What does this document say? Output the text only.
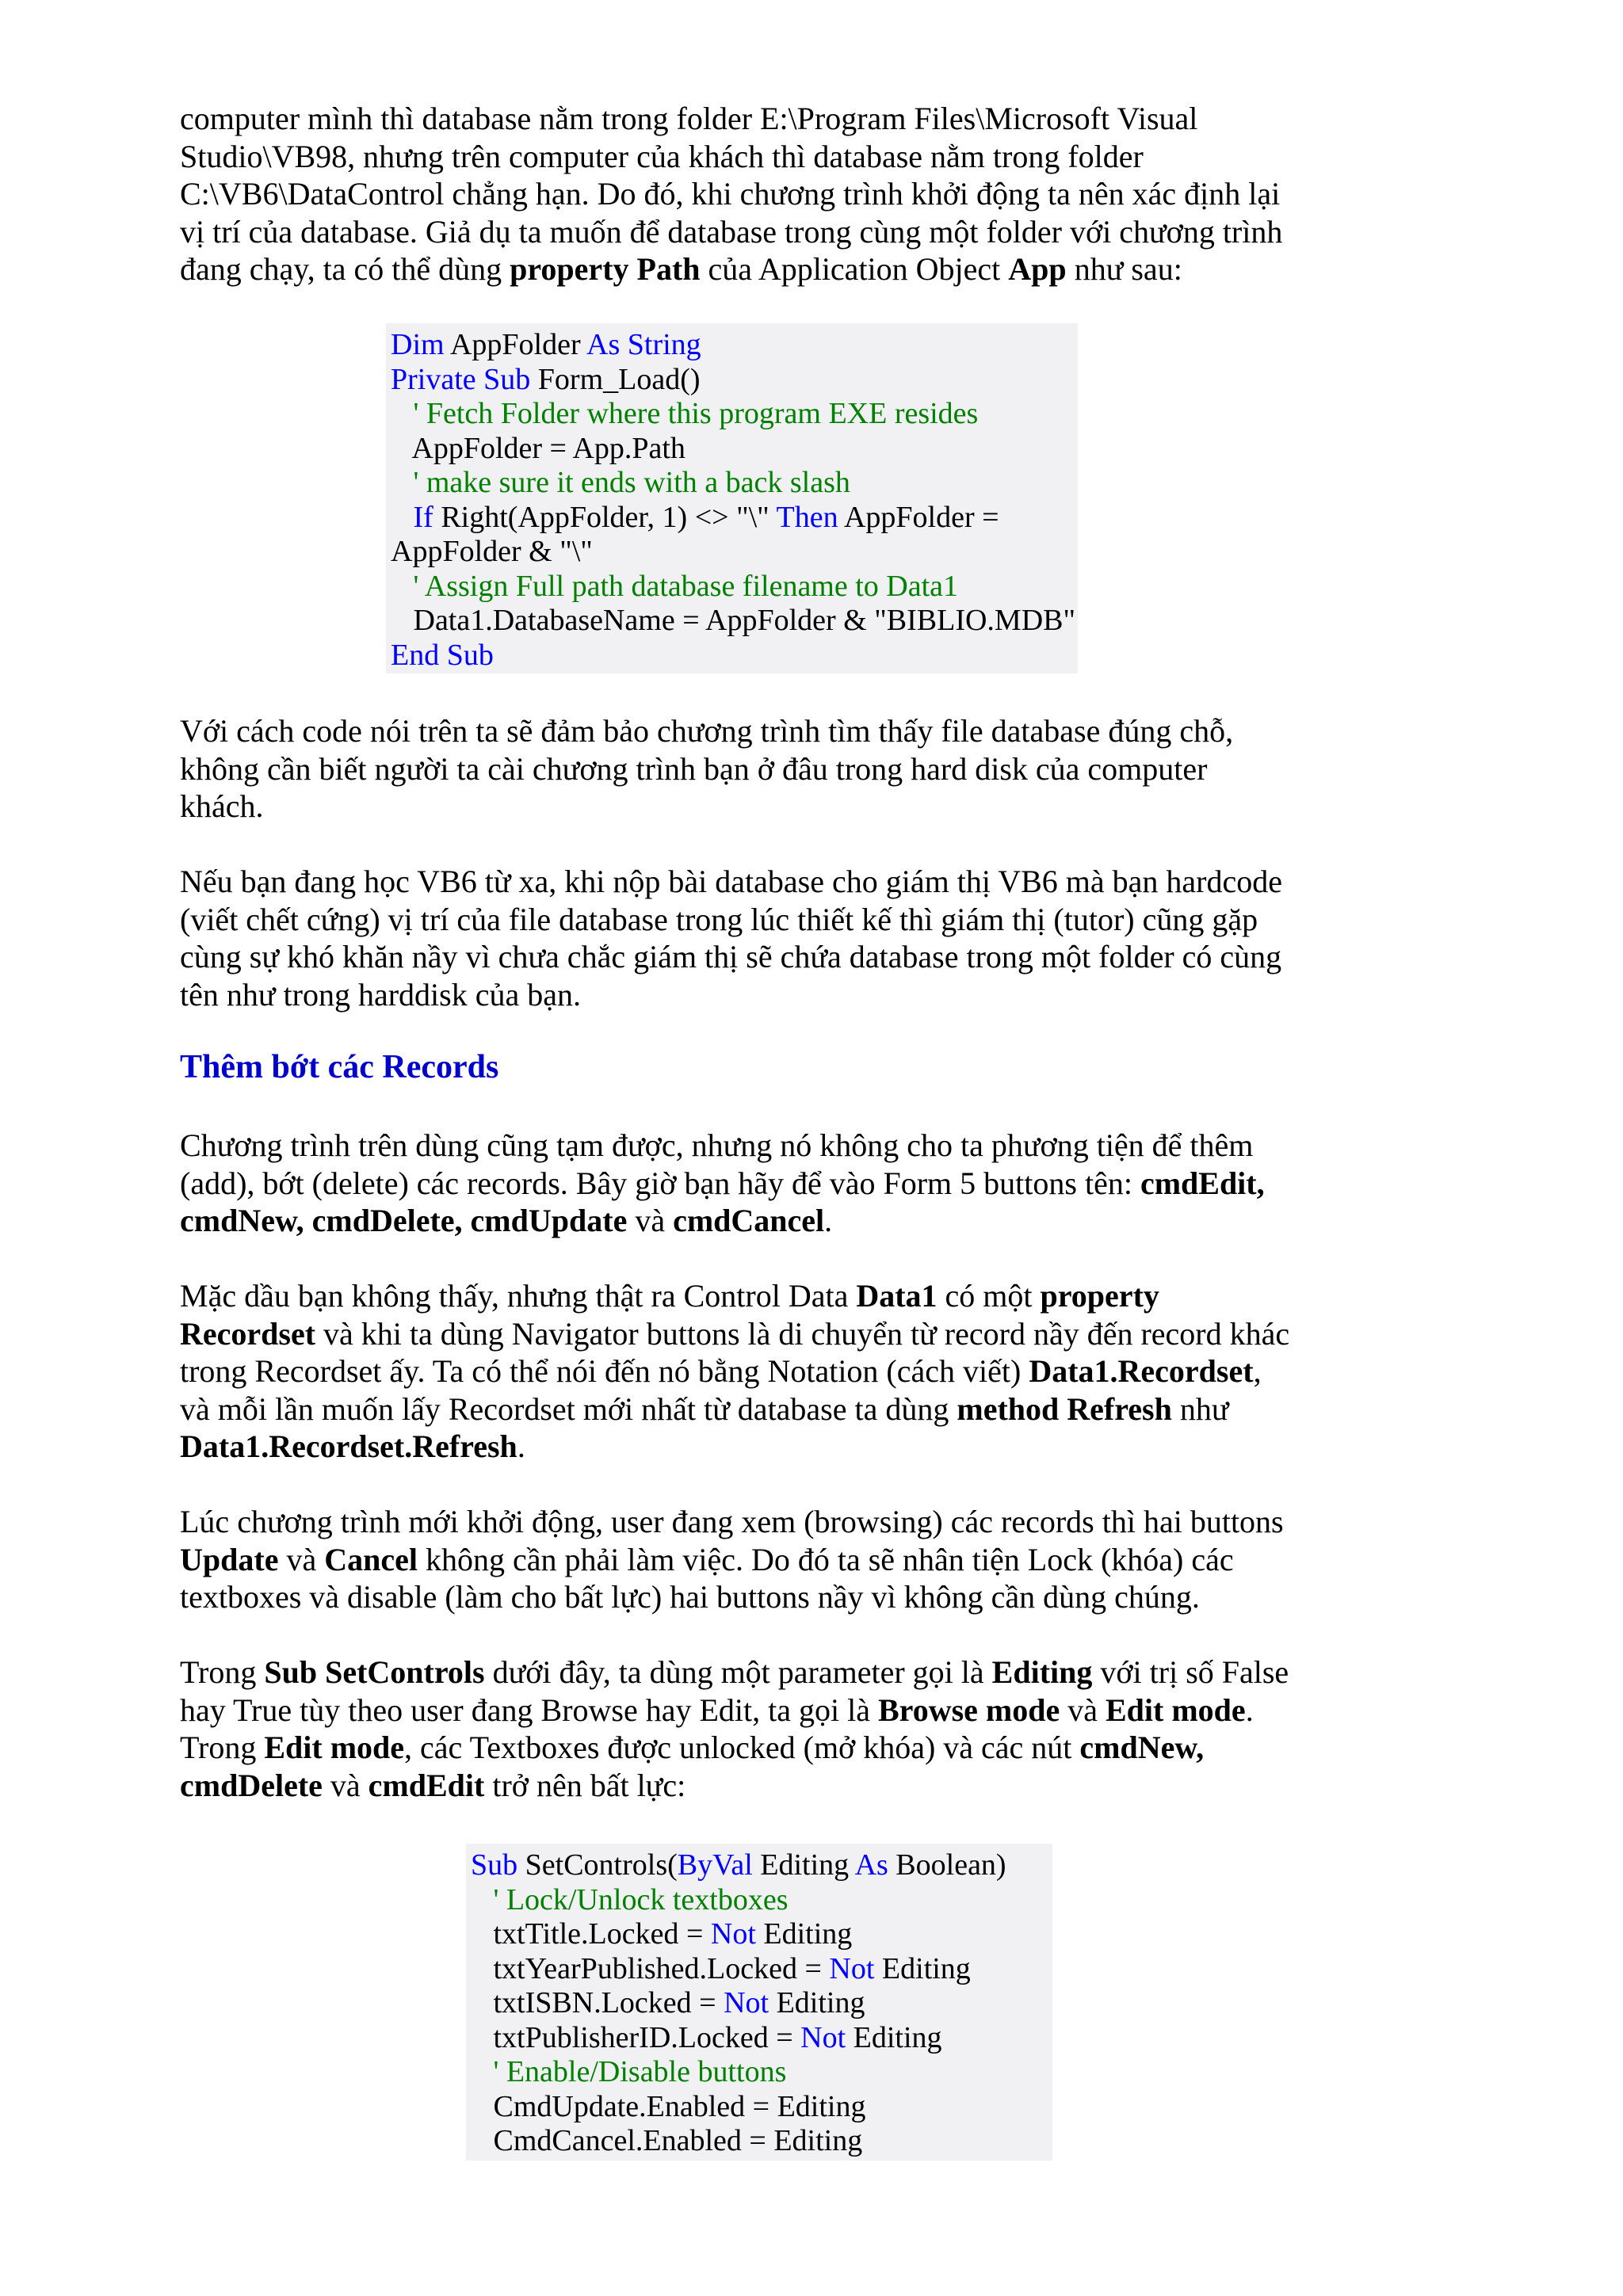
computer mình thì database nằm trong folder E:\Program Files\Microsoft Visual
Studio\VB98, nhưng trên computer của khách thì database nằm trong folder
C:\VB6\DataControl chẳng hạn. Do đó, khi chương trình khởi động ta nên xác định lại
vị trí của database. Giả dụ ta muốn để database trong cùng một folder với chương trình
đang chạy, ta có thể dùng property Path của Application Object App như sau:

Dim AppFolder As String
Private Sub Form_Load()
' Fetch Folder where this program EXE resides
AppFolder = App.Path
' make sure it ends with a back slash
If Right(AppFolder, 1) <> "\" Then AppFolder =
AppFolder & "\"
' Assign Full path database filename to Data1
Data1.DatabaseName = AppFolder & "BIBLIO.MDB"
End Sub

Với cách code nói trên ta sẽ đảm bảo chương trình tìm thấy file database đúng chỗ,
không cần biết người ta cài chương trình bạn ở đâu trong hard disk của computer
khách.

Nếu bạn đang học VB6 từ xa, khi nộp bài database cho giám thị VB6 mà bạn hardcode
(viết chết cứng) vị trí của file database trong lúc thiết kế thì giám thị (tutor) cũng gặp
cùng sự khó khăn nầy vì chưa chắc giám thị sẽ chứa database trong một folder có cùng
tên như trong harddisk của bạn.

Thêm bớt các Records

Chương trình trên dùng cũng tạm được, nhưng nó không cho ta phương tiện để thêm
(add), bớt (delete) các records. Bây giờ bạn hãy để vào Form 5 buttons tên: cmdEdit,
cmdNew, cmdDelete, cmdUpdate và cmdCancel.

Mặc dầu bạn không thấy, nhưng thật ra Control Data Data1 có một property
Recordset và khi ta dùng Navigator buttons là di chuyển từ record nầy đến record khác
trong Recordset ấy. Ta có thể nói đến nó bằng Notation (cách viết) Data1.Recordset,
và mỗi lần muốn lấy Recordset mới nhất từ database ta dùng method Refresh như
Data1.Recordset.Refresh.

Lúc chương trình mới khởi động, user đang xem (browsing) các records thì hai buttons
Update và Cancel không cần phải làm việc. Do đó ta sẽ nhân tiện Lock (khóa) các
textboxes và disable (làm cho bất lực) hai buttons nầy vì không cần dùng chúng.

Trong Sub SetControls dưới đây, ta dùng một parameter gọi là Editing với trị số False
hay True tùy theo user đang Browse hay Edit, ta gọi là Browse mode và Edit mode.
Trong Edit mode, các Textboxes được unlocked (mở khóa) và các nút cmdNew,
cmdDelete và cmdEdit trở nên bất lực:

Sub SetControls(ByVal Editing As Boolean)
' Lock/Unlock textboxes
txtTitle.Locked = Not Editing
txtYearPublished.Locked = Not Editing
txtISBN.Locked = Not Editing
txtPublisherID.Locked = Not Editing
' Enable/Disable buttons
CmdUpdate.Enabled = Editing
CmdCancel.Enabled = Editing
